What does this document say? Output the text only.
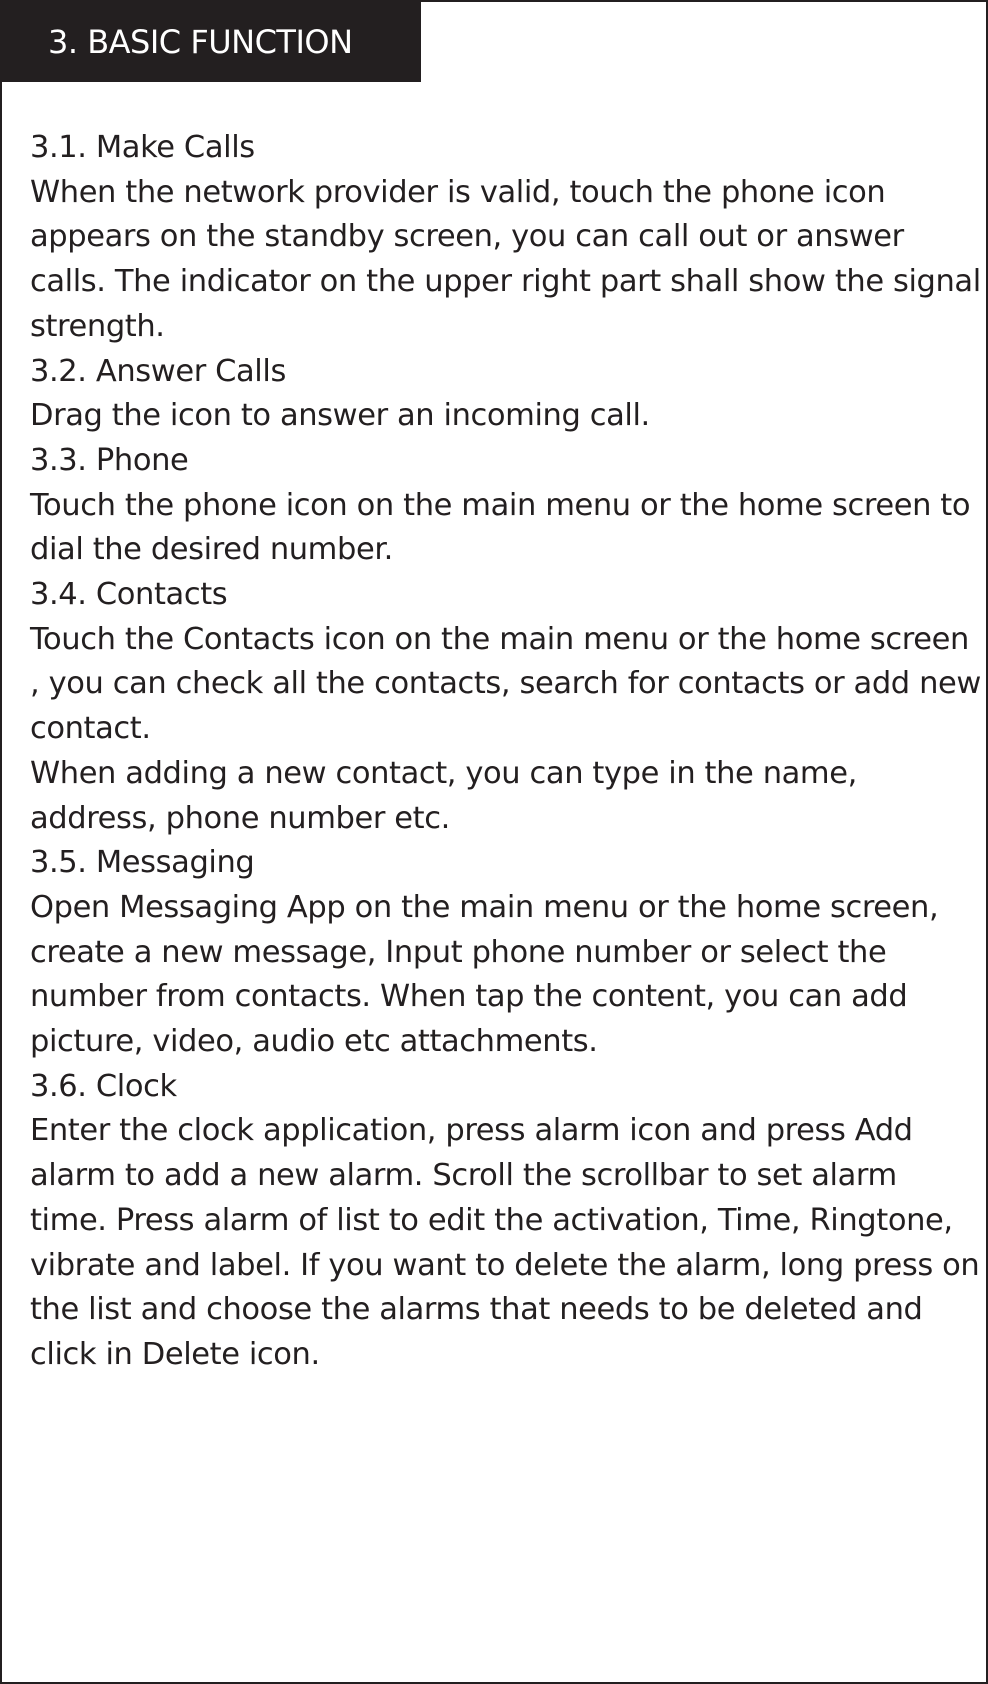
3. BASIC FUNCTION

3.1. Make Calls

When the network provider is valid, touch the phone icon appears on the standby screen, you can call out or answer calls. The indicator on the upper right part shall show the signal strength.

3.2. Answer Calls

Drag the icon to answer an incoming call.

3.3. Phone

Touch the phone icon on the main menu or the home screen to dial the desired number.

3.4. Contacts

Touch the Contacts icon on the main menu or the home screen , you can check all the contacts, search for contacts or add new contact.

When adding a new contact, you can type in the name, address, phone number etc.

3.5. Messaging

Open Messaging App on the main menu or the home screen, create a new message, Input phone number or select the number from contacts. When tap the content, you can add picture, video, audio etc attachments.

3.6. Clock

Enter the clock application, press alarm icon and press Add alarm to add a new alarm. Scroll the scrollbar to set alarm time. Press alarm of list to edit the activation, Time, Ringtone, vibrate and label. If you want to delete the alarm, long press on the list and choose the alarms that needs to be deleted and click in Delete icon.
